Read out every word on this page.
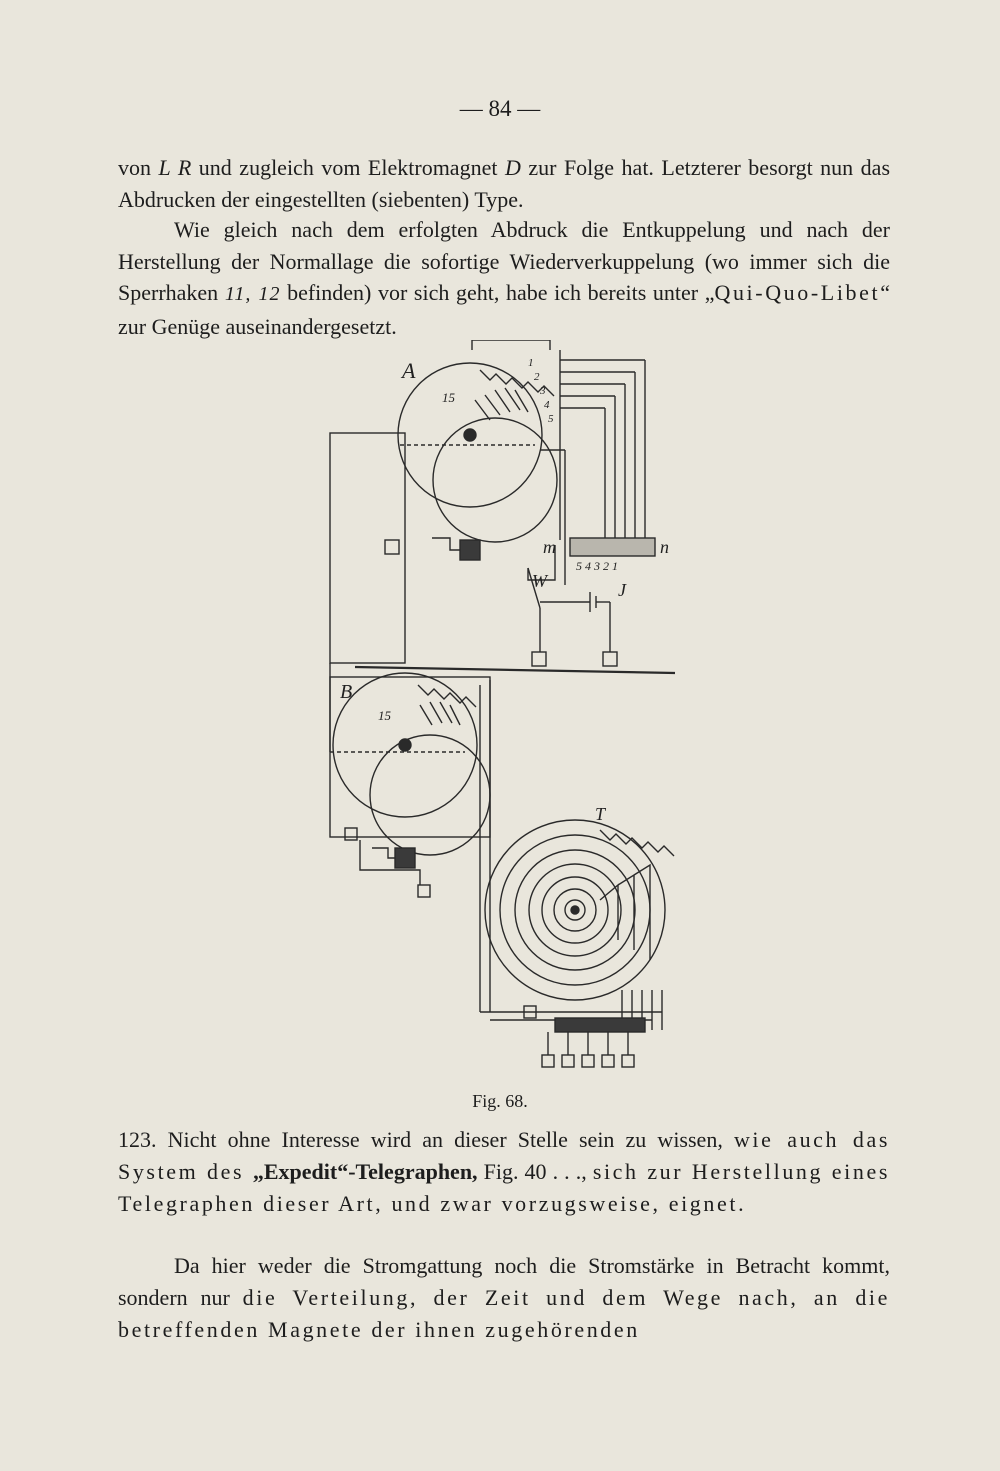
— 84 —

von L R und zugleich vom Elektromagnet D zur Folge hat. Letzterer besorgt nun das Abdrucken der eingestellten (siebenten) Type.

Wie gleich nach dem erfolgten Abdruck die Entkuppelung und nach der Herstellung der Normallage die sofortige Wiederverkuppelung (wo immer sich die Sperrhaken 11, 12 befinden) vor sich geht, habe ich bereits unter „Qui-Quo-Libet“ zur Genüge auseinandergesetzt.

A
B
T
W	J
m	n
15
15
5 4 3 2 1
1
2
3
4
5
Fig. 68.

123. Nicht ohne Interesse wird an dieser Stelle sein zu wissen, wie auch das System des „Expedit“-Telegraphen, Fig. 40 . . ., sich zur Herstellung eines Telegraphen dieser Art, und zwar vorzugsweise, eignet.

Da hier weder die Stromgattung noch die Stromstärke in Betracht kommt, sondern nur die Verteilung, der Zeit und dem Wege nach, an die betreffenden Magnete der ihnen zugehörenden
